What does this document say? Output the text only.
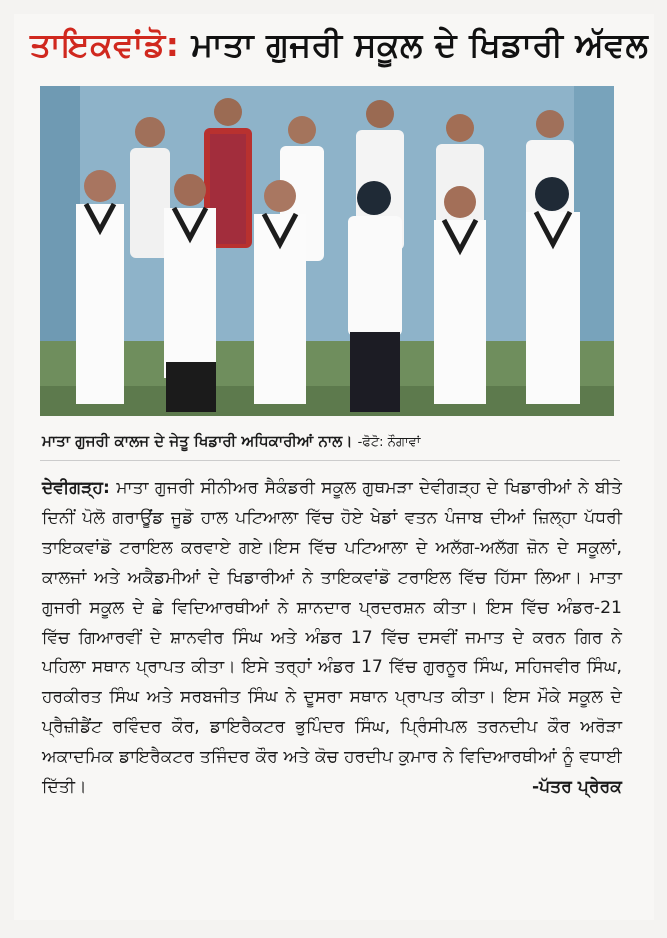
ਤਾਇਕਵਾਂਡੋ: ਮਾਤਾ ਗੁਜਰੀ ਸਕੂਲ ਦੇ ਖਿਡਾਰੀ ਅੱਵਲ
ਮਾਤਾ ਗੁਜਰੀ ਕਾਲਜ ਦੇ ਜੇਤੂ ਖਿਡਾਰੀ ਅਧਿਕਾਰੀਆਂ ਨਾਲ। -ਫੋਟੋ: ਨੌਗਾਵਾਂ
ਦੇਵੀਗੜ੍ਹ: ਮਾਤਾ ਗੁਜਰੀ ਸੀਨੀਅਰ ਸੈਕੰਡਰੀ ਸਕੂਲ ਗੁਥਮੜਾ ਦੇਵੀਗੜ੍ਹ ਦੇ ਖਿਡਾਰੀਆਂ ਨੇ ਬੀਤੇ ਦਿਨੀਂ ਪੋਲੋ ਗਰਾਊਂਡ ਜੂਡੋ ਹਾਲ ਪਟਿਆਲਾ ਵਿੱਚ ਹੋਏ ਖੇਡਾਂ ਵਤਨ ਪੰਜਾਬ ਦੀਆਂ ਜ਼ਿਲ੍ਹਾ ਪੱਧਰੀ ਤਾਇਕਵਾਂਡੋ ਟਰਾਇਲ ਕਰਵਾਏ ਗਏ।ਇਸ ਵਿੱਚ ਪਟਿਆਲਾ ਦੇ ਅਲੱਗ-ਅਲੱਗ ਜ਼ੋਨ ਦੇ ਸਕੂਲਾਂ, ਕਾਲਜਾਂ ਅਤੇ ਅਕੈਡਮੀਆਂ ਦੇ ਖਿਡਾਰੀਆਂ ਨੇ ਤਾਇਕਵਾਂਡੋ ਟਰਾਇਲ ਵਿੱਚ ਹਿੱਸਾ ਲਿਆ। ਮਾਤਾ ਗੁਜਰੀ ਸਕੂਲ ਦੇ ਛੇ ਵਿਦਿਆਰਥੀਆਂ ਨੇ ਸ਼ਾਨਦਾਰ ਪ੍ਰਦਰਸ਼ਨ ਕੀਤਾ। ਇਸ ਵਿੱਚ ਅੰਡਰ-21 ਵਿੱਚ ਗਿਆਰਵੀਂ ਦੇ ਸ਼ਾਨਵੀਰ ਸਿੰਘ ਅਤੇ ਅੰਡਰ 17 ਵਿੱਚ ਦਸਵੀਂ ਜਮਾਤ ਦੇ ਕਰਨ ਗਿਰ ਨੇ ਪਹਿਲਾ ਸਥਾਨ ਪ੍ਰਾਪਤ ਕੀਤਾ। ਇਸੇ ਤਰ੍ਹਾਂ ਅੰਡਰ 17 ਵਿੱਚ ਗੁਰਨੂਰ ਸਿੰਘ, ਸਹਿਜਵੀਰ ਸਿੰਘ, ਹਰਕੀਰਤ ਸਿੰਘ ਅਤੇ ਸਰਬਜੀਤ ਸਿੰਘ ਨੇ ਦੂਸਰਾ ਸਥਾਨ ਪ੍ਰਾਪਤ ਕੀਤਾ। ਇਸ ਮੌਕੇ ਸਕੂਲ ਦੇ ਪ੍ਰੈਜ਼ੀਡੈਂਟ ਰਵਿੰਦਰ ਕੌਰ, ਡਾਇਰੈਕਟਰ ਭੁਪਿੰਦਰ ਸਿੰਘ, ਪ੍ਰਿੰਸੀਪਲ ਤਰਨਦੀਪ ਕੌਰ ਅਰੋੜਾ ਅਕਾਦਮਿਕ ਡਾਇਰੈਕਟਰ ਤਜਿੰਦਰ ਕੌਰ ਅਤੇ ਕੋਚ ਹਰਦੀਪ ਕੁਮਾਰ ਨੇ ਵਿਦਿਆਰਥੀਆਂ ਨੂੰ ਵਧਾਈ ਦਿੱਤੀ।	-ਪੱਤਰ ਪ੍ਰੇਰਕ
